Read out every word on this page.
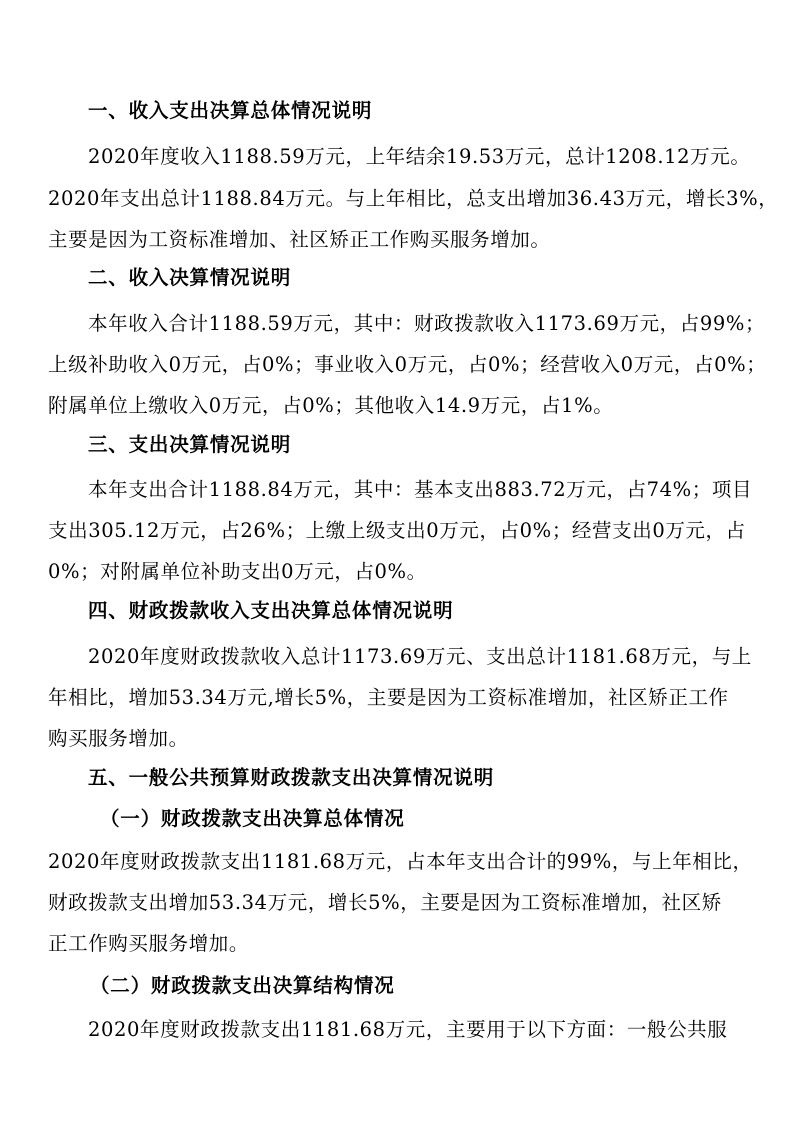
一、收入支出决算总体情况说明
2020年度收入1188.59万元，上年结余19.53万元，总计1208.12万元。
2020年支出总计1188.84万元。与上年相比，总支出增加36.43万元，增长3%，
主要是因为工资标准增加、社区矫正工作购买服务增加。
二、收入决算情况说明
本年收入合计1188.59万元，其中：财政拨款收入1173.69万元，占99%；
上级补助收入0万元，占0%；事业收入0万元，占0%；经营收入0万元，占0%；
附属单位上缴收入0万元，占0%；其他收入14.9万元，占1%。
三、支出决算情况说明
本年支出合计1188.84万元，其中：基本支出883.72万元，占74%；项目
支出305.12万元，占26%；上缴上级支出0万元，占0%；经营支出0万元，占
0%；对附属单位补助支出0万元，占0%。
四、财政拨款收入支出决算总体情况说明
2020年度财政拨款收入总计1173.69万元、支出总计1181.68万元，与上
年相比，增加53.34万元,增长5%，主要是因为工资标准增加，社区矫正工作
购买服务增加。
五、一般公共预算财政拨款支出决算情况说明
（一）财政拨款支出决算总体情况
2020年度财政拨款支出1181.68万元，占本年支出合计的99%，与上年相比，
财政拨款支出增加53.34万元，增长5%，主要是因为工资标准增加，社区矫
正工作购买服务增加。
（二）财政拨款支出决算结构情况
2020年度财政拨款支出1181.68万元，主要用于以下方面：一般公共服
